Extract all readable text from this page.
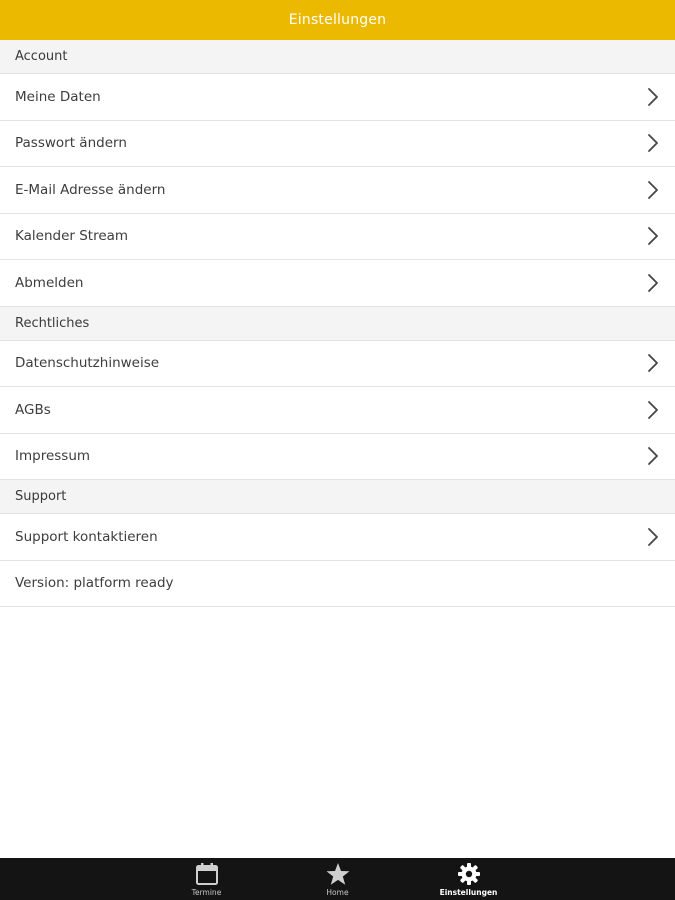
Einstellungen
Account
Meine Daten
Passwort ändern
E-Mail Adresse ändern
Kalender Stream
Abmelden
Rechtliches
Datenschutzhinweise
AGBs
Impressum
Support
Support kontaktieren
Version: platform ready
Termine	Home	Einstellungen
